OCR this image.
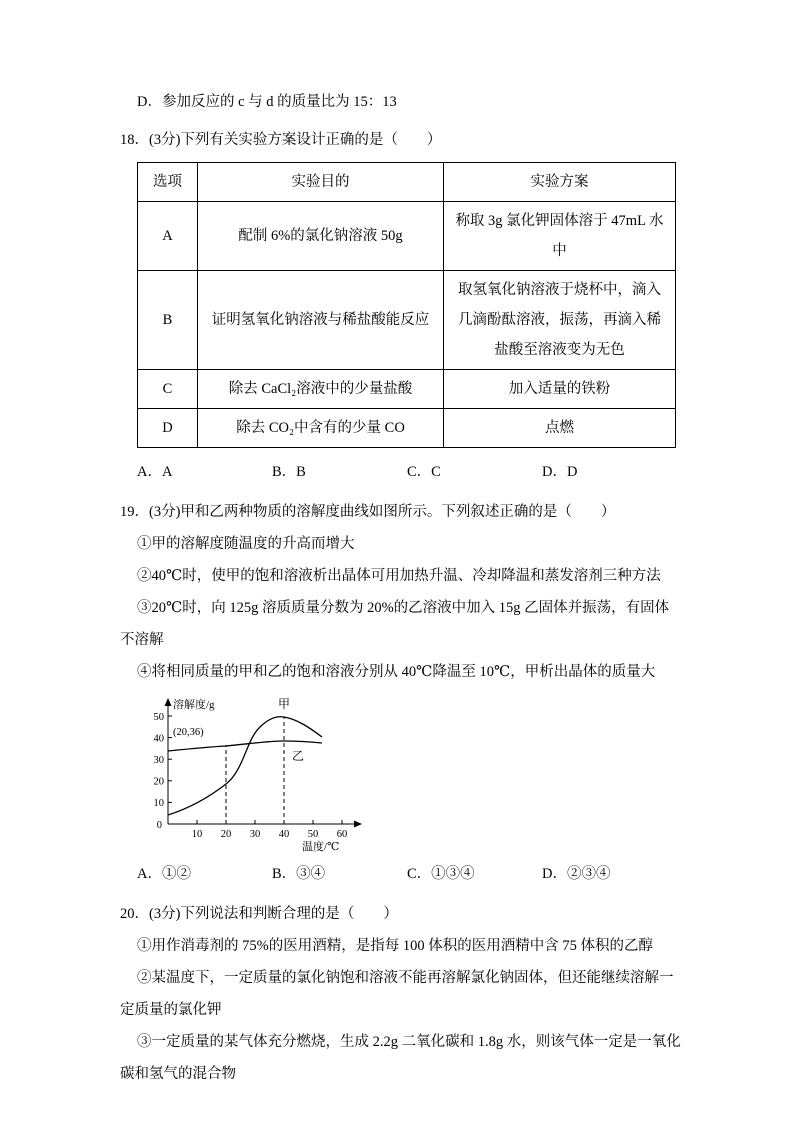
D．参加反应的 c 与 d 的质量比为 15：13
18．(3分)下列有关实验方案设计正确的是（　　）
选项	实验目的	实验方案
A	配制 6%的氯化钠溶液 50g	称取 3g 氯化钾固体溶于 47mL 水中
B	证明氢氧化钠溶液与稀盐酸能反应	取氢氧化钠溶液于烧杯中，滴入几滴酚酞溶液，振荡，再滴入稀盐酸至溶液变为无色
C	除去 CaCl₂溶液中的少量盐酸	加入适量的铁粉
D	除去 CO₂中含有的少量 CO	点燃
A．A	B．B	C．C	D．D
19．(3分)甲和乙两种物质的溶解度曲线如图所示。下列叙述正确的是（　　）
①甲的溶解度随温度的升高而增大
②40℃时，使甲的饱和溶液析出晶体可用加热升温、冷却降温和蒸发溶剂三种方法
③20℃时，向 125g 溶质质量分数为 20%的乙溶液中加入 15g 乙固体并振荡，有固体不溶解
④将相同质量的甲和乙的饱和溶液分别从 40℃降温至 10℃，甲析出晶体的质量大
0
10
20
30
40
50
10 20 30 40 50 60
溶解度/g
温度/℃
甲
乙
(20,36)
A．①②	B．③④	C．①③④	D．②③④
20．(3分)下列说法和判断合理的是（　　）
①用作消毒剂的 75%的医用酒精，是指每 100 体积的医用酒精中含 75 体积的乙醇
②某温度下，一定质量的氯化钠饱和溶液不能再溶解氯化钠固体，但还能继续溶解一定质量的氯化钾
③一定质量的某气体充分燃烧，生成 2.2g 二氧化碳和 1.8g 水，则该气体一定是一氧化碳和氢气的混合物
